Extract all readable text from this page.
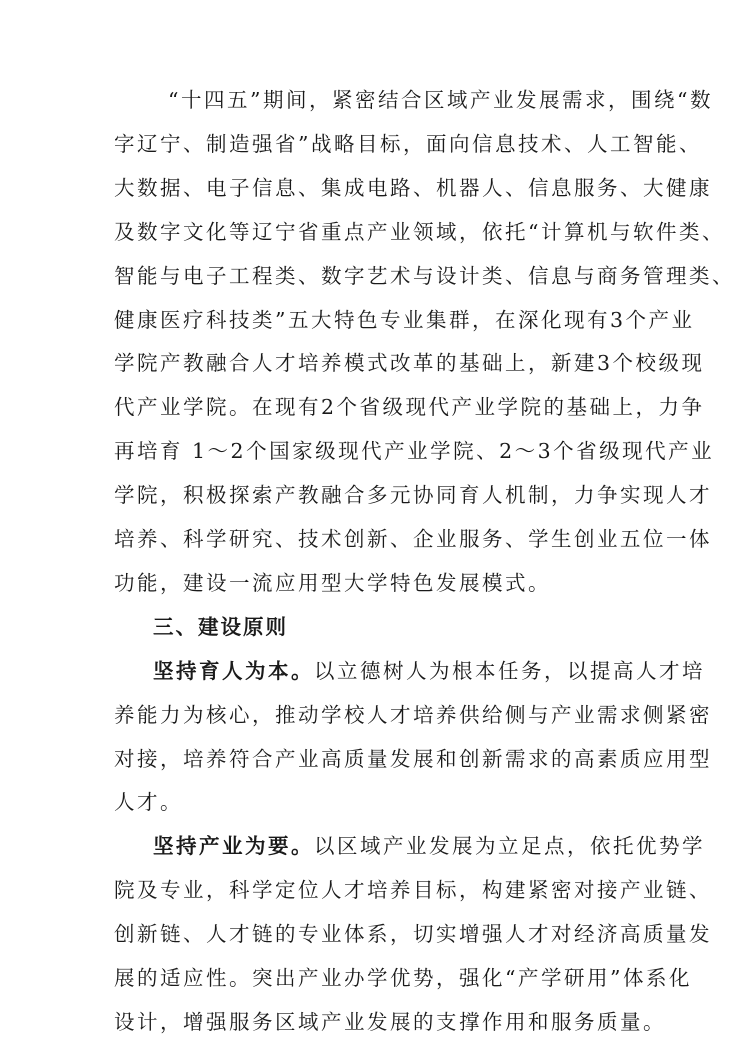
“十四五”期间，紧密结合区域产业发展需求，围绕“数
字辽宁、制造强省”战略目标，面向信息技术、人工智能、
大数据、电子信息、集成电路、机器人、信息服务、大健康
及数字文化等辽宁省重点产业领域，依托“计算机与软件类、
智能与电子工程类、数字艺术与设计类、信息与商务管理类、
健康医疗科技类”五大特色专业集群，在深化现有3个产业
学院产教融合人才培养模式改革的基础上，新建3个校级现
代产业学院。在现有2个省级现代产业学院的基础上，力争
再培育 1～2个国家级现代产业学院、2～3个省级现代产业
学院，积极探索产教融合多元协同育人机制，力争实现人才
培养、科学研究、技术创新、企业服务、学生创业五位一体
功能，建设一流应用型大学特色发展模式。
三、建设原则
坚持育人为本。以立德树人为根本任务，以提高人才培
养能力为核心，推动学校人才培养供给侧与产业需求侧紧密
对接，培养符合产业高质量发展和创新需求的高素质应用型
人才。
坚持产业为要。以区域产业发展为立足点，依托优势学
院及专业，科学定位人才培养目标，构建紧密对接产业链、
创新链、人才链的专业体系，切实增强人才对经济高质量发
展的适应性。突出产业办学优势，强化“产学研用”体系化
设计，增强服务区域产业发展的支撑作用和服务质量。
